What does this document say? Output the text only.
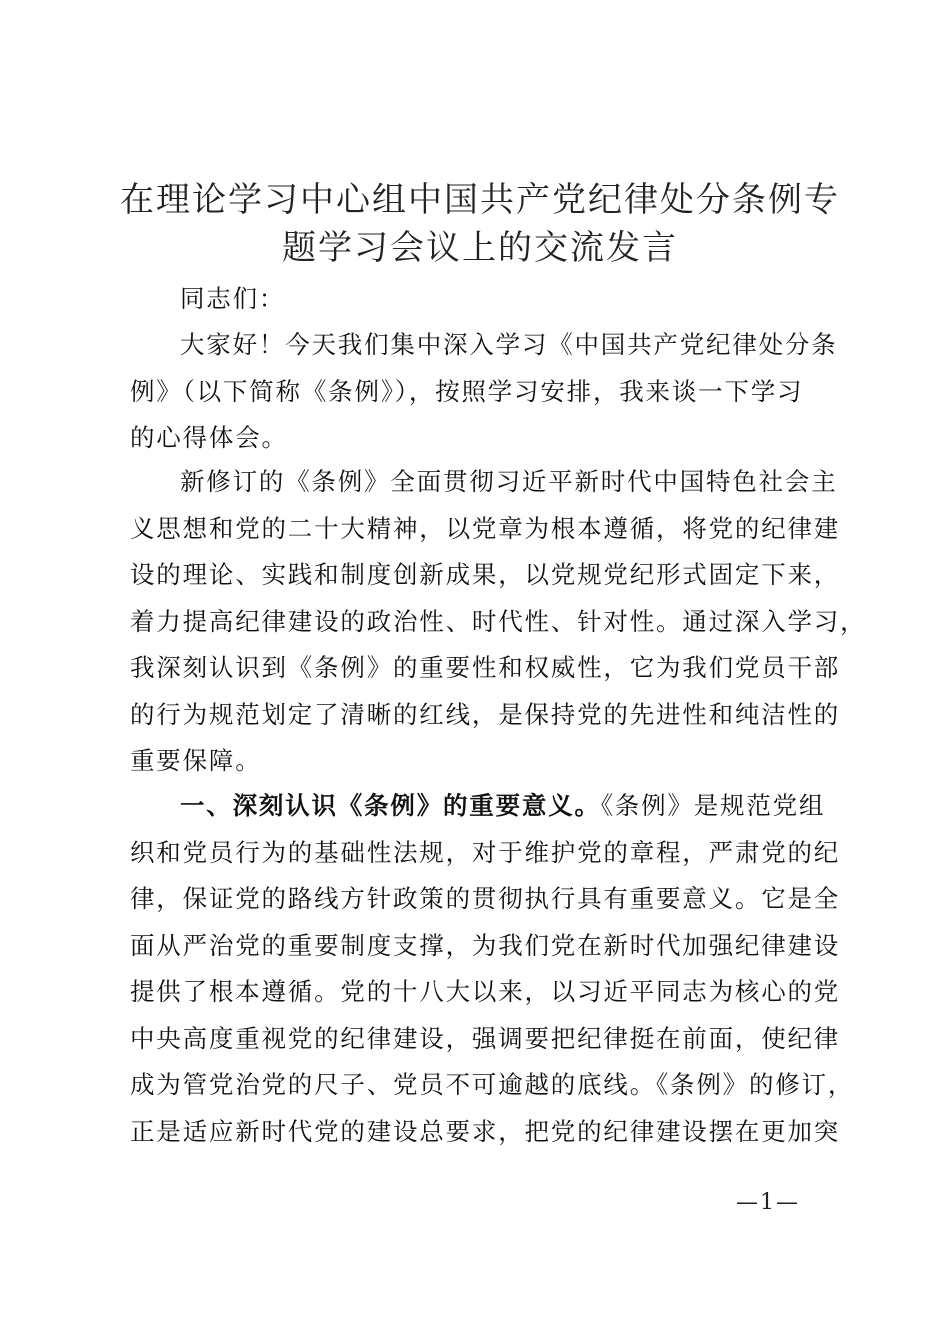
在理论学习中心组中国共产党纪律处分条例专
题学习会议上的交流发言

同志们：

大家好！今天我们集中深入学习《中国共产党纪律处分条
例》（以下简称《条例》），按照学习安排，我来谈一下学习
的心得体会。

新修订的《条例》全面贯彻习近平新时代中国特色社会主
义思想和党的二十大精神，以党章为根本遵循，将党的纪律建
设的理论、实践和制度创新成果，以党规党纪形式固定下来，
着力提高纪律建设的政治性、时代性、针对性。通过深入学习，
我深刻认识到《条例》的重要性和权威性，它为我们党员干部
的行为规范划定了清晰的红线，是保持党的先进性和纯洁性的
重要保障。

一、深刻认识《条例》的重要意义。《条例》是规范党组
织和党员行为的基础性法规，对于维护党的章程，严肃党的纪
律，保证党的路线方针政策的贯彻执行具有重要意义。它是全
面从严治党的重要制度支撑，为我们党在新时代加强纪律建设
提供了根本遵循。党的十八大以来，以习近平同志为核心的党
中央高度重视党的纪律建设，强调要把纪律挺在前面，使纪律
成为管党治党的尺子、党员不可逾越的底线。《条例》的修订，
正是适应新时代党的建设总要求，把党的纪律建设摆在更加突

—1—
